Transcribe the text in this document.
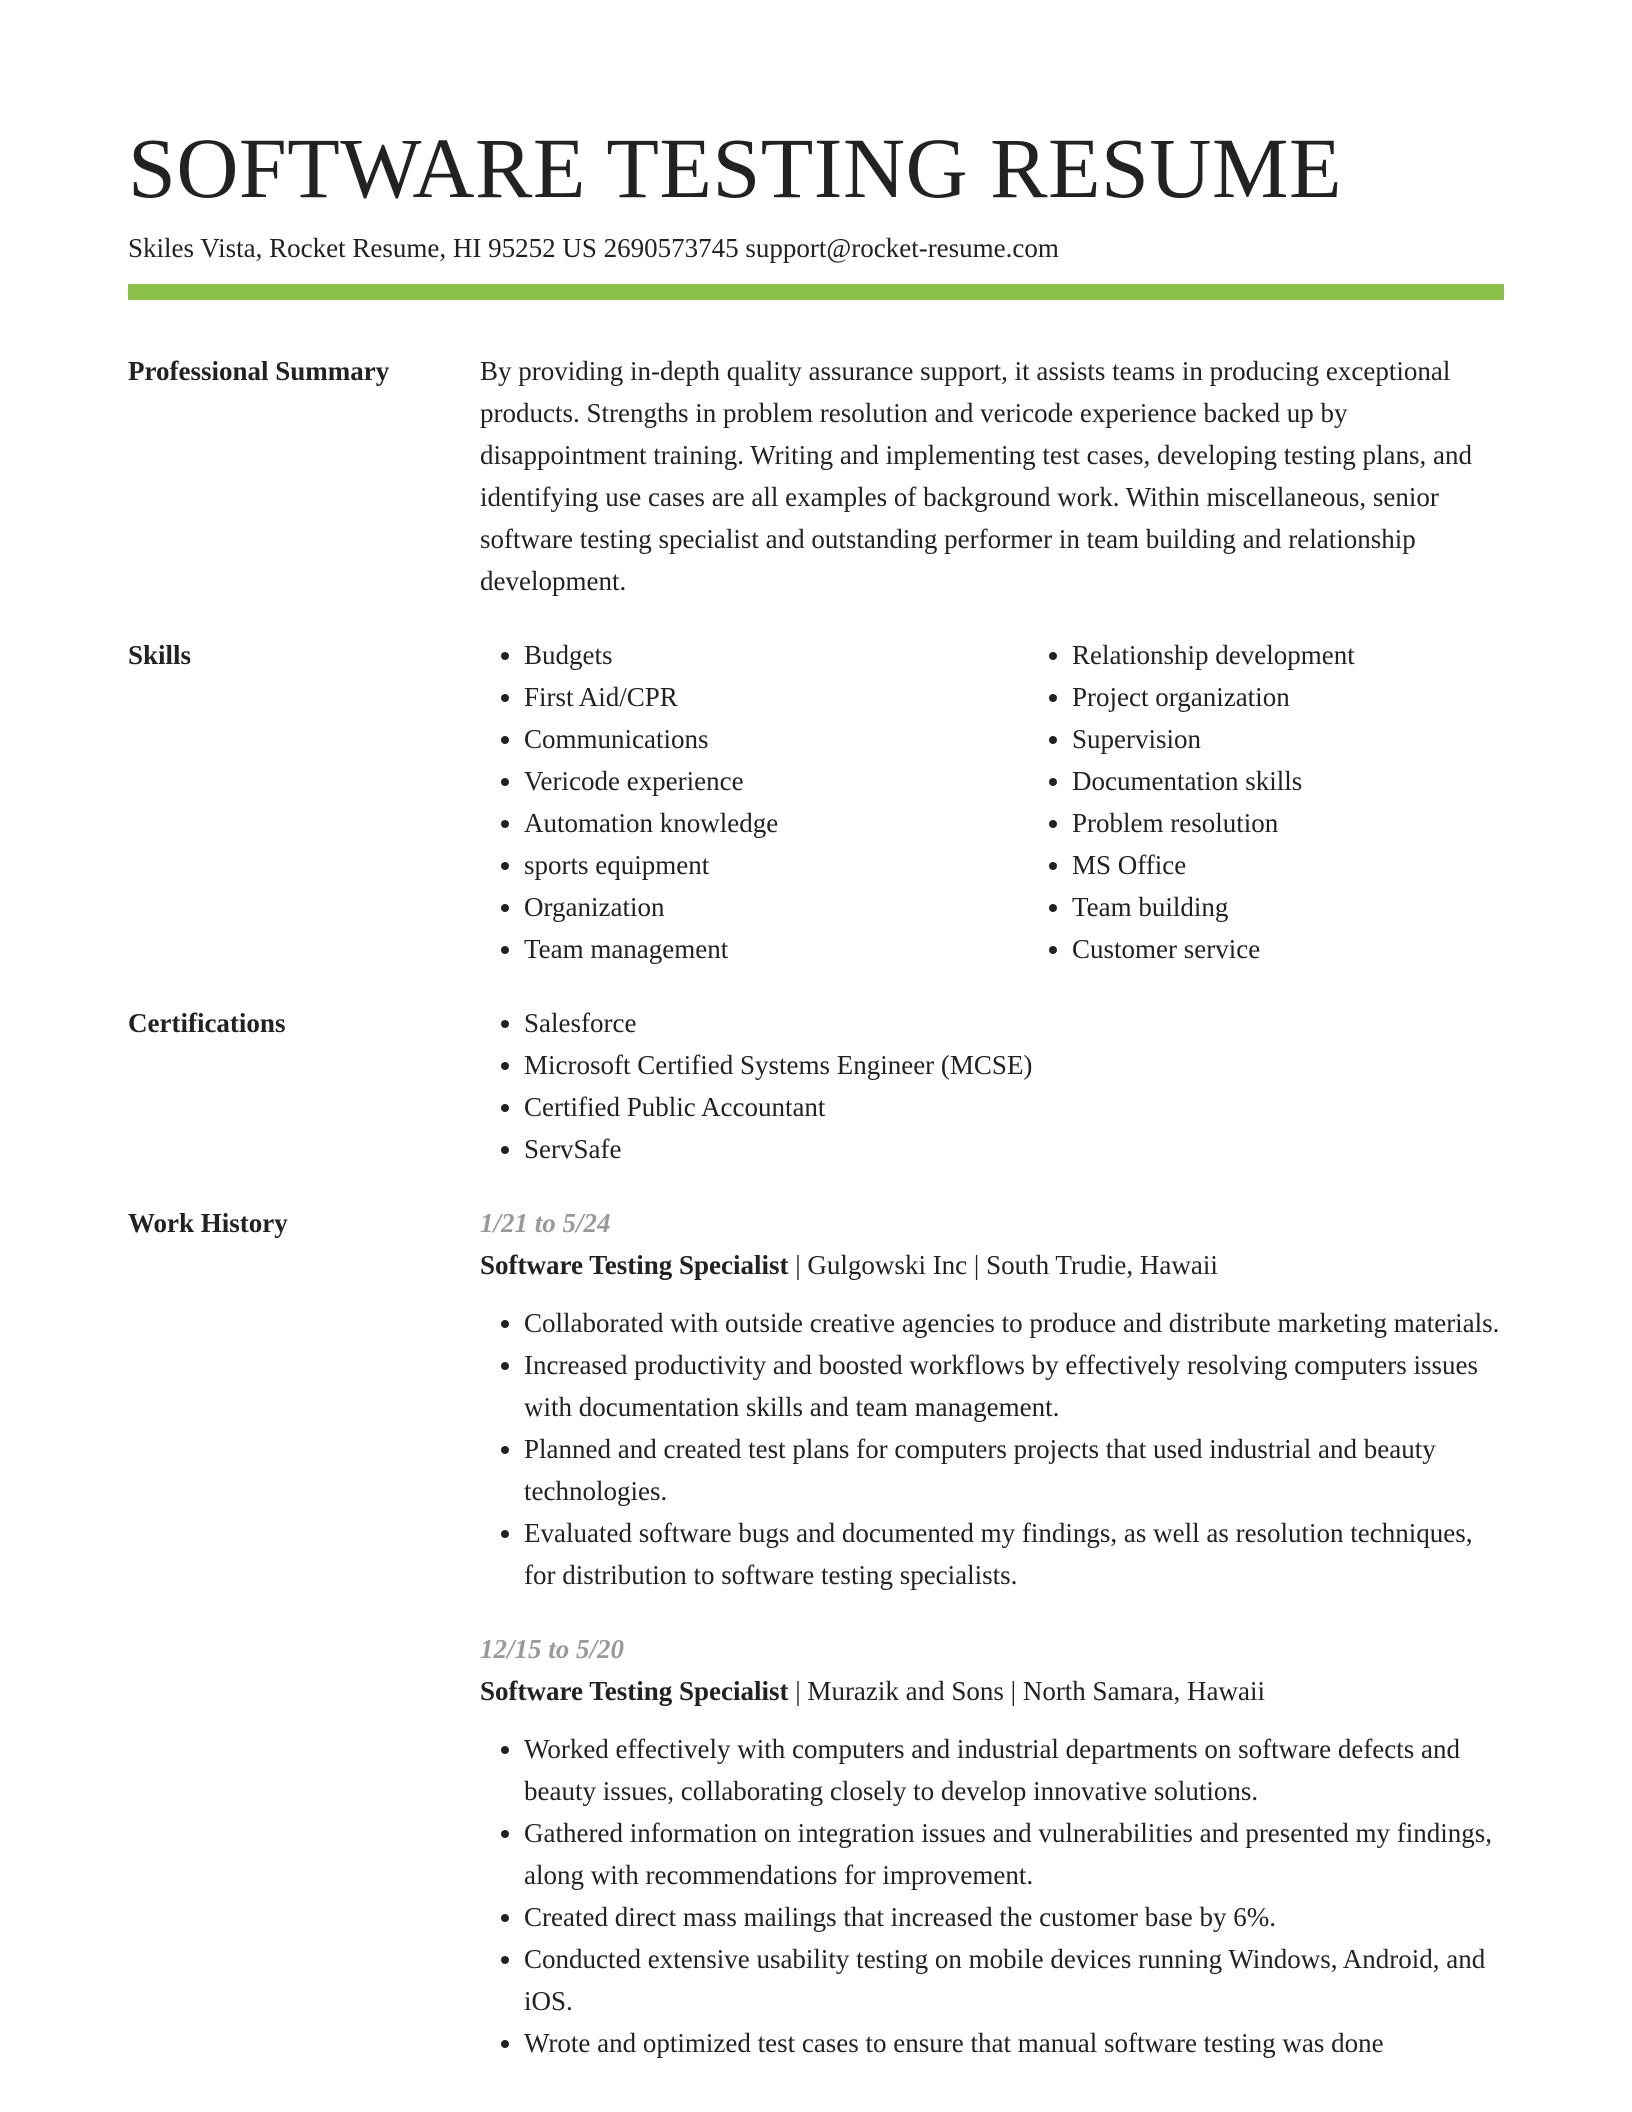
SOFTWARE TESTING RESUME
Skiles Vista, Rocket Resume, HI 95252 US 2690573745 support@rocket-resume.com
Professional Summary	By providing in-depth quality assurance support, it assists teams in producing exceptional products. Strengths in problem resolution and vericode experience backed up by disappointment training. Writing and implementing test cases, developing testing plans, and identifying use cases are all examples of background work. Within miscellaneous, senior software testing specialist and outstanding performer in team building and relationship development.
Skills	• Budgets
• First Aid/CPR
• Communications
• Vericode experience
• Automation knowledge
• sports equipment
• Organization
• Team management
• Relationship development
• Project organization
• Supervision
• Documentation skills
• Problem resolution
• MS Office
• Team building
• Customer service
Certifications	• Salesforce
• Microsoft Certified Systems Engineer (MCSE)
• Certified Public Accountant
• ServSafe
Work History	1/21 to 5/24
Software Testing Specialist | Gulgowski Inc | South Trudie, Hawaii
• Collaborated with outside creative agencies to produce and distribute marketing materials.
• Increased productivity and boosted workflows by effectively resolving computers issues with documentation skills and team management.
• Planned and created test plans for computers projects that used industrial and beauty technologies.
• Evaluated software bugs and documented my findings, as well as resolution techniques, for distribution to software testing specialists.
12/15 to 5/20
Software Testing Specialist | Murazik and Sons | North Samara, Hawaii
• Worked effectively with computers and industrial departments on software defects and beauty issues, collaborating closely to develop innovative solutions.
• Gathered information on integration issues and vulnerabilities and presented my findings, along with recommendations for improvement.
• Created direct mass mailings that increased the customer base by 6%.
• Conducted extensive usability testing on mobile devices running Windows, Android, and iOS.
• Wrote and optimized test cases to ensure that manual software testing was done
